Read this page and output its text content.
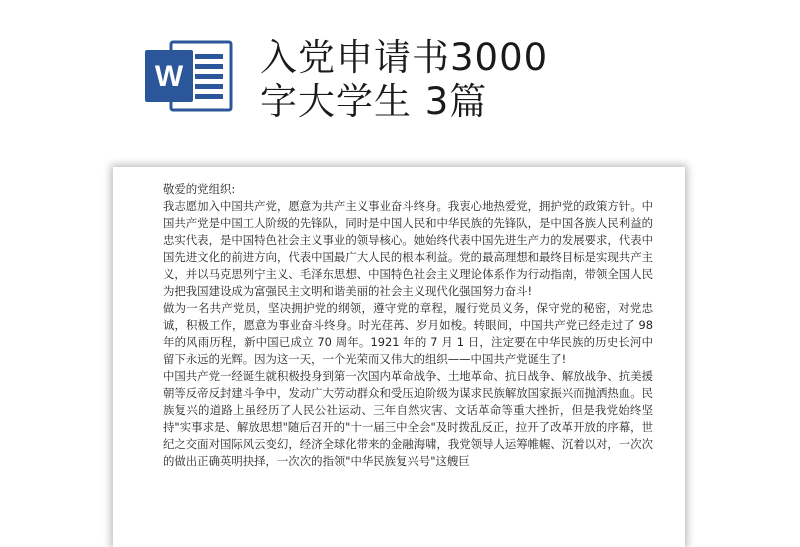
W 入党申请书3000
字大学生 3篇

敬爱的党组织:

我志愿加入中国共产党，愿意为共产主义事业奋斗终身。我衷心地热爱党，拥护党的政策方针。中国共产党是中国工人阶级的先锋队，同时是中国人民和中华民族的先锋队，是中国各族人民利益的忠实代表，是中国特色社会主义事业的领导核心。她始终代表中国先进生产力的发展要求，代表中国先进文化的前进方向，代表中国最广大人民的根本利益。党的最高理想和最终目标是实现共产主义，并以马克思列宁主义、毛泽东思想、中国特色社会主义理论体系作为行动指南，带领全国人民为把我国建设成为富强民主文明和谐美丽的社会主义现代化强国努力奋斗!

做为一名共产党员，坚决拥护党的纲领，遵守党的章程，履行党员义务，保守党的秘密，对党忠诚，积极工作，愿意为事业奋斗终身。时光荏苒、岁月如梭。转眼间，中国共产党已经走过了 98 年的风雨历程，新中国已成立 70 周年。1921 年的 7 月 1 日，注定要在中华民族的历史长河中留下永远的光辉。因为这一天，一个光荣而又伟大的组织——中国共产党诞生了!

中国共产党一经诞生就积极投身到第一次国内革命战争、土地革命、抗日战争、解放战争、抗美援朝等反帝反封建斗争中，发动广大劳动群众和受压迫阶级为谋求民族解放国家振兴而抛洒热血。民族复兴的道路上虽经历了人民公社运动、三年自然灾害、文话革命等重大挫折，但是我党始终坚持"实事求是、解放思想"随后召开的"十一届三中全会"及时拨乱反正，拉开了改革开放的序幕，世纪之交面对国际风云变幻，经济全球化带来的金融海啸，我党领导人运筹帷幄、沉着以对，一次次的做出正确英明抉择，一次次的指领"中华民族复兴号"这艘巨
